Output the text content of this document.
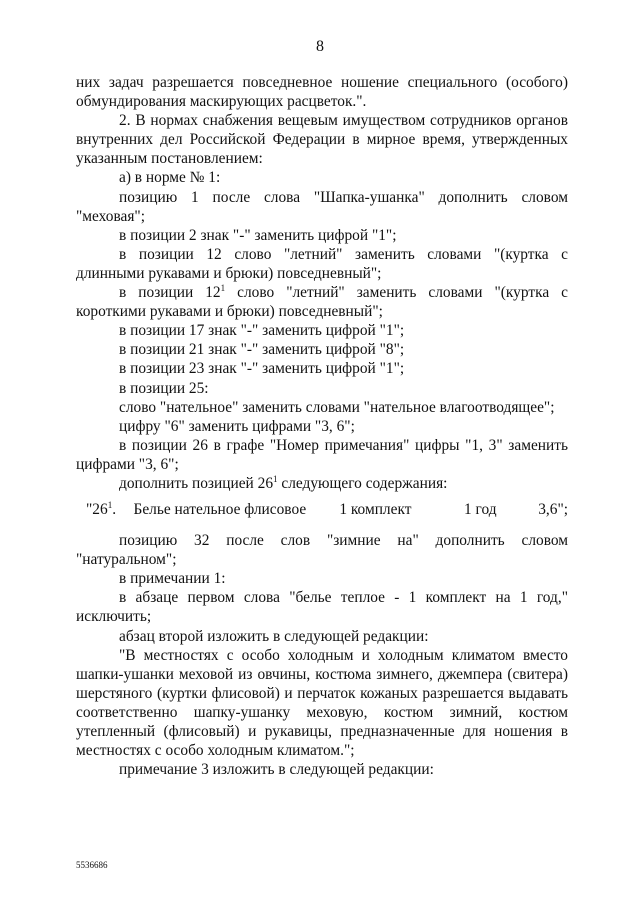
8

них задач разрешается повседневное ношение специального (особого) обмундирования маскирующих расцветок.".

2. В нормах снабжения вещевым имуществом сотрудников органов внутренних дел Российской Федерации в мирное время, утвержденных указанным постановлением:

а) в норме № 1:

позицию 1 после слова "Шапка-ушанка" дополнить словом "меховая";

в позиции 2 знак "-" заменить цифрой "1";

в позиции 12 слово "летний" заменить словами "(куртка с длинными рукавами и брюки) повседневный";

в позиции $12^1$ слово "летний" заменить словами "(куртка с короткими рукавами и брюки) повседневный";

в позиции 17 знак "-" заменить цифрой "1";

в позиции 21 знак "-" заменить цифрой "8";

в позиции 23 знак "-" заменить цифрой "1";

в позиции 25:

слово "нательное" заменить словами "нательное влагоотводящее";

цифру "6" заменить цифрами "3, 6";

в позиции 26 в графе "Номер примечания" цифры "1, 3" заменить цифрами "3, 6";

дополнить позицией $26^1$ следующего содержания:

"$26^1$.	Белье нательное флисовое	1 комплект	1 год	3,6";

позицию 32 после слов "зимние на" дополнить словом "натуральном";

в примечании 1:

в абзаце первом слова "белье теплое - 1 комплект на 1 год," исключить;

абзац второй изложить в следующей редакции:

"В местностях с особо холодным и холодным климатом вместо шапки-ушанки меховой из овчины, костюма зимнего, джемпера (свитера) шерстяного (куртки флисовой) и перчаток кожаных разрешается выдавать соответственно шапку-ушанку меховую, костюм зимний, костюм утепленный (флисовый) и рукавицы, предназначенные для ношения в местностях с особо холодным климатом.";

примечание 3 изложить в следующей редакции:

5536686
